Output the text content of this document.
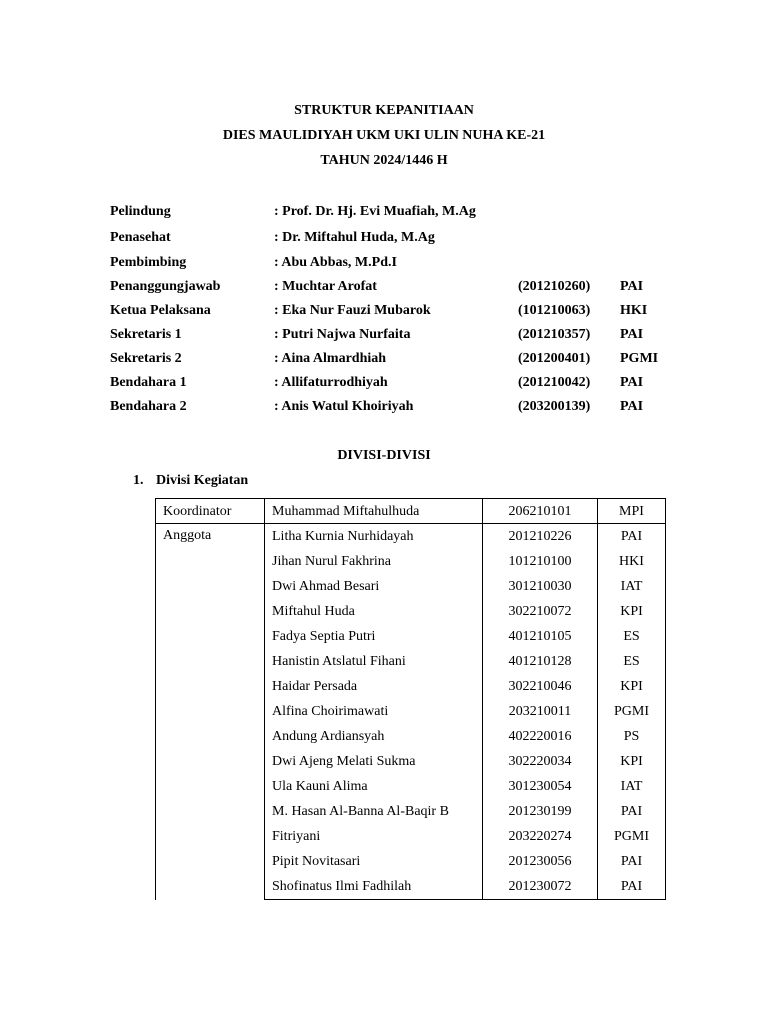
STRUKTUR KEPANITIAAN
DIES MAULIDIYAH UKM UKI ULIN NUHA KE-21
TAHUN 2024/1446 H
Pelindung	: Prof. Dr. Hj. Evi Muafiah, M.Ag
Penasehat	: Dr. Miftahul Huda, M.Ag
Pembimbing	: Abu Abbas, M.Pd.I
Penanggungjawab	: Muchtar Arofat	(201210260) PAI
Ketua Pelaksana	: Eka Nur Fauzi Mubarok	(101210063) HKI
Sekretaris 1	: Putri Najwa Nurfaita	(201210357) PAI
Sekretaris 2	: Aina Almardhiah	(201200401) PGMI
Bendahara 1	: Allifaturrodhiyah	(201210042) PAI
Bendahara 2	: Anis Watul Khoiriyah	(203200139) PAI
DIVISI-DIVISI
1. Divisi Kegiatan
Koordinator	Muhammad Miftahulhuda	206210101	MPI
Anggota	Litha Kurnia Nurhidayah	201210226	PAI
	Jihan Nurul Fakhrina	101210100	HKI
	Dwi Ahmad Besari	301210030	IAT
	Miftahul Huda	302210072	KPI
	Fadya Septia Putri	401210105	ES
	Hanistin Atslatul Fihani	401210128	ES
	Haidar Persada	302210046	KPI
	Alfina Choirimawati	203210011	PGMI
	Andung Ardiansyah	402220016	PS
	Dwi Ajeng Melati Sukma	302220034	KPI
	Ula Kauni Alima	301230054	IAT
	M. Hasan Al-Banna Al-Baqir B	201230199	PAI
	Fitriyani	203220274	PGMI
	Pipit Novitasari	201230056	PAI
	Shofinatus Ilmi Fadhilah	201230072	PAI
